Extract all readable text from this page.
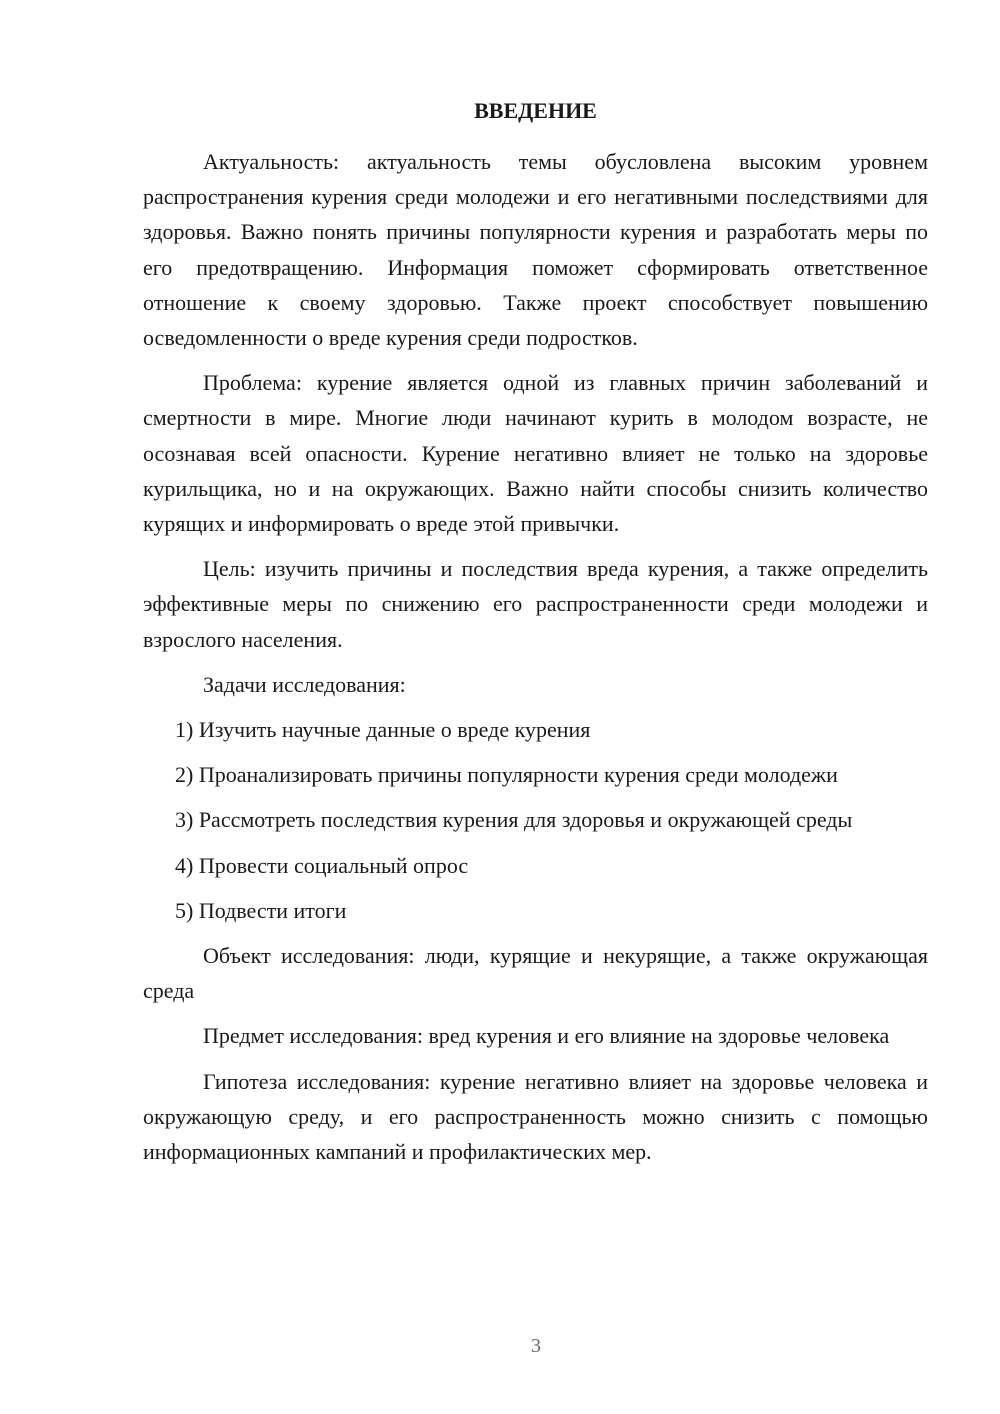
ВВЕДЕНИЕ

Актуальность: актуальность темы обусловлена высоким уровнем распространения курения среди молодежи и его негативными последствиями для здоровья. Важно понять причины популярности курения и разработать меры по его предотвращению. Информация поможет сформировать ответственное отношение к своему здоровью. Также проект способствует повышению осведомленности о вреде курения среди подростков.

Проблема: курение является одной из главных причин заболеваний и смертности в мире. Многие люди начинают курить в молодом возрасте, не осознавая всей опасности. Курение негативно влияет не только на здоровье курильщика, но и на окружающих. Важно найти способы снизить количество курящих и информировать о вреде этой привычки.

Цель: изучить причины и последствия вреда курения, а также определить эффективные меры по снижению его распространенности среди молодежи и взрослого населения.

Задачи исследования:

1) Изучить научные данные о вреде курения
2) Проанализировать причины популярности курения среди молодежи
3) Рассмотреть последствия курения для здоровья и окружающей среды
4) Провести социальный опрос
5) Подвести итоги

Объект исследования: люди, курящие и некурящие, а также окружающая среда

Предмет исследования: вред курения и его влияние на здоровье человека

Гипотеза исследования: курение негативно влияет на здоровье человека и окружающую среду, и его распространенность можно снизить с помощью информационных кампаний и профилактических мер.

3
